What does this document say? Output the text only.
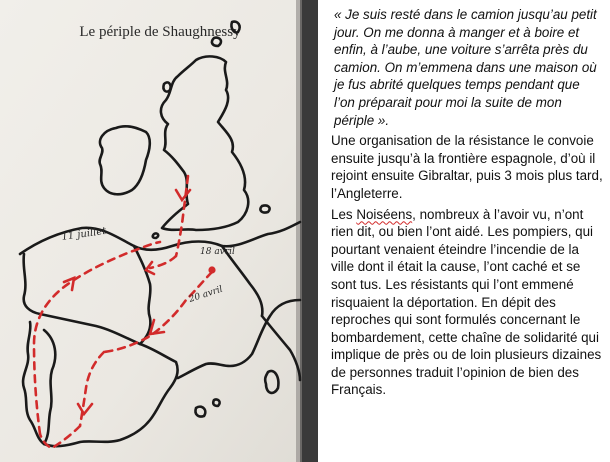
Le périple de Shaughnessy
11 juillet
18 avril
20 avril

« Je suis resté dans le camion jusqu’au petit jour. On me donna à manger et à boire et enfin, à l’aube, une voiture s’arrêta près du camion. On m’emmena dans une maison où je fus abrité quelques temps pendant que l’on préparait pour moi la suite de mon périple ».

Une organisation de la résistance le convoie ensuite jusqu’à la frontière espagnole, d’où il rejoint ensuite Gibraltar, puis 3 mois plus tard, l’Angleterre.

Les Noiséens, nombreux à l’avoir vu, n’ont rien dit, ou bien l’ont aidé. Les pompiers, qui pourtant venaient éteindre l’incendie de la ville dont il était la cause, l’ont caché et se sont tus. Les résistants qui l’ont emmené risquaient la déportation. En dépit des reproches qui sont formulés concernant le bombardement, cette chaîne de solidarité qui implique de près ou de loin plusieurs dizaines de personnes traduit l’opinion de bien des Français.
